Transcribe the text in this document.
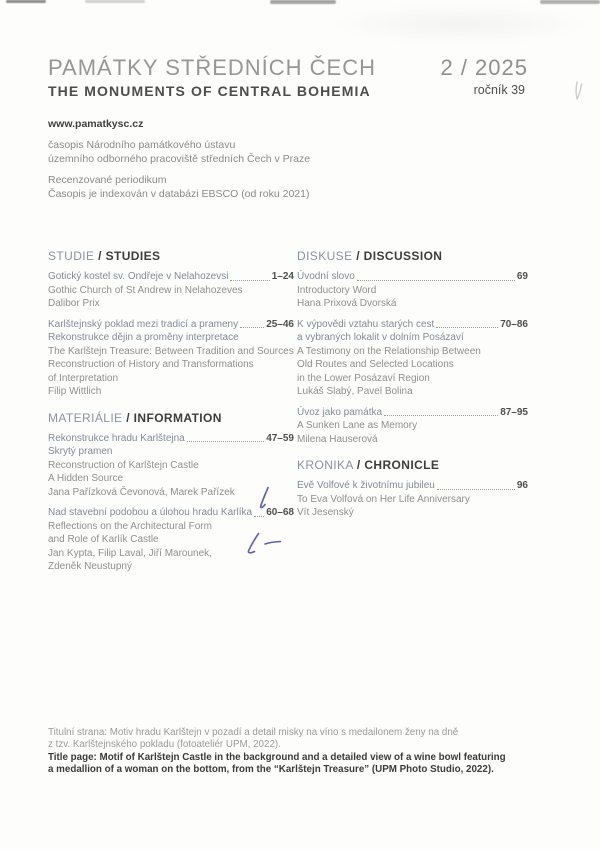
PAMÁTKY STŘEDNÍCH ČECH
THE MONUMENTS OF CENTRAL BOHEMIA
2 / 2025
ročník 39
www.pamatkysc.cz
časopis Národního památkového ústavu
územního odborného pracoviště středních Čech v Praze
Recenzované periodikum
Časopis je indexován v databázi EBSCO (od roku 2021)
STUDIE / STUDIES
Gotický kostel sv. Ondřeje v Nelahozevsi	1–24
Gothic Church of St Andrew in Nelahozeves
Dalibor Prix
Karlštejnský poklad mezi tradicí a prameny	25–46
Rekonstrukce dějin a proměny interpretace
The Karlštejn Treasure: Between Tradition and Sources
Reconstruction of History and Transformations
of Interpretation
Filip Wittlich
MATERIÁLIE / INFORMATION
Rekonstrukce hradu Karlštejna	47–59
Skrytý pramen
Reconstruction of Karlštejn Castle
A Hidden Source
Jana Pařízková Čevonová, Marek Pařízek
Nad stavební podobou a úlohou hradu Karlíka 60–68
Reflections on the Architectural Form
and Role of Karlík Castle
Jan Kypta, Filip Laval, Jiří Marounek,
Zdeněk Neustupný
DISKUSE / DISCUSSION
Úvodní slovo	69
Introductory Word
Hana Prixová Dvorská
K výpovědi vztahu starých cest	70–86
a vybraných lokalit v dolním Posázaví
A Testimony on the Relationship Between
Old Routes and Selected Locations
in the Lower Posázaví Region
Lukáš Slabý, Pavel Bolina
Úvoz jako památka	87–95
A Sunken Lane as Memory
Milena Hauserová
KRONIKA / CHRONICLE
Evě Volfové k životnímu jubileu	96
To Eva Volfová on Her Life Anniversary
Vít Jesenský
Titulní strana: Motiv hradu Karlštejn v pozadí a detail misky na víno s medailonem ženy na dně
z tzv. Karlštejnského pokladu (fotoateliér UPM, 2022).
Title page: Motif of Karlštejn Castle in the background and a detailed view of a wine bowl featuring
a medallion of a woman on the bottom, from the “Karlštejn Treasure” (UPM Photo Studio, 2022).
